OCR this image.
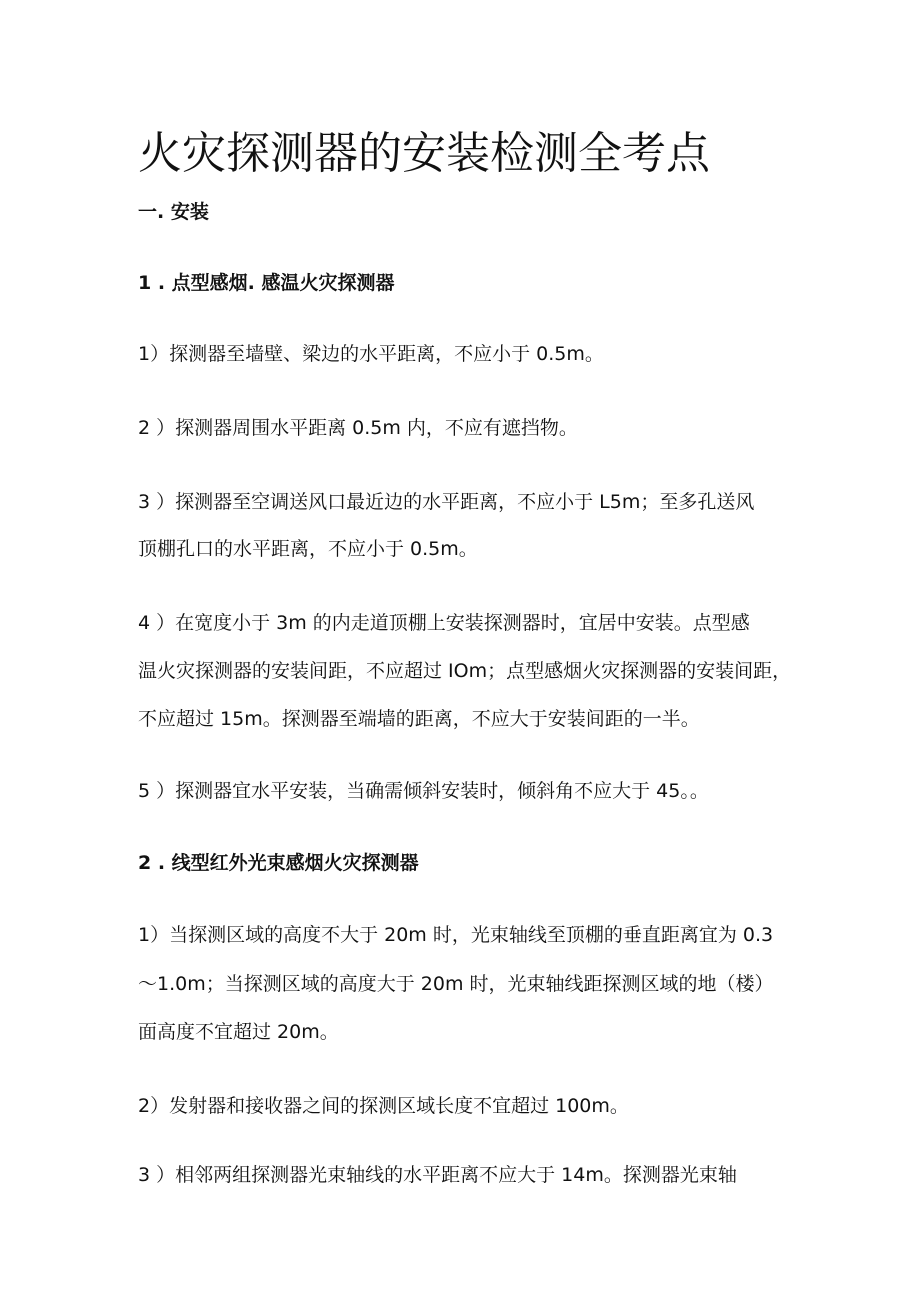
火灾探测器的安装检测全考点

一. 安装

1 . 点型感烟. 感温火灾探测器

1）探测器至墙壁、梁边的水平距离，不应小于 0.5m。

2 ）探测器周围水平距离 0.5m 内，不应有遮挡物。

3 ）探测器至空调送风口最近边的水平距离，不应小于 L5m；至多孔送风

顶棚孔口的水平距离，不应小于 0.5m。

4 ）在宽度小于 3m 的内走道顶棚上安装探测器时，宜居中安装。点型感

温火灾探测器的安装间距，不应超过 IOm；点型感烟火灾探测器的安装间距，

不应超过 15m。探测器至端墙的距离，不应大于安装间距的一半。

5 ）探测器宜水平安装，当确需倾斜安装时，倾斜角不应大于 45。。

2 . 线型红外光束感烟火灾探测器

1）当探测区域的高度不大于 20m 时，光束轴线至顶棚的垂直距离宜为 0.3

～1.0m；当探测区域的高度大于 20m 时，光束轴线距探测区域的地（楼）

面高度不宜超过 20m。

2）发射器和接收器之间的探测区域长度不宜超过 100m。

3 ）相邻两组探测器光束轴线的水平距离不应大于 14m。探测器光束轴
